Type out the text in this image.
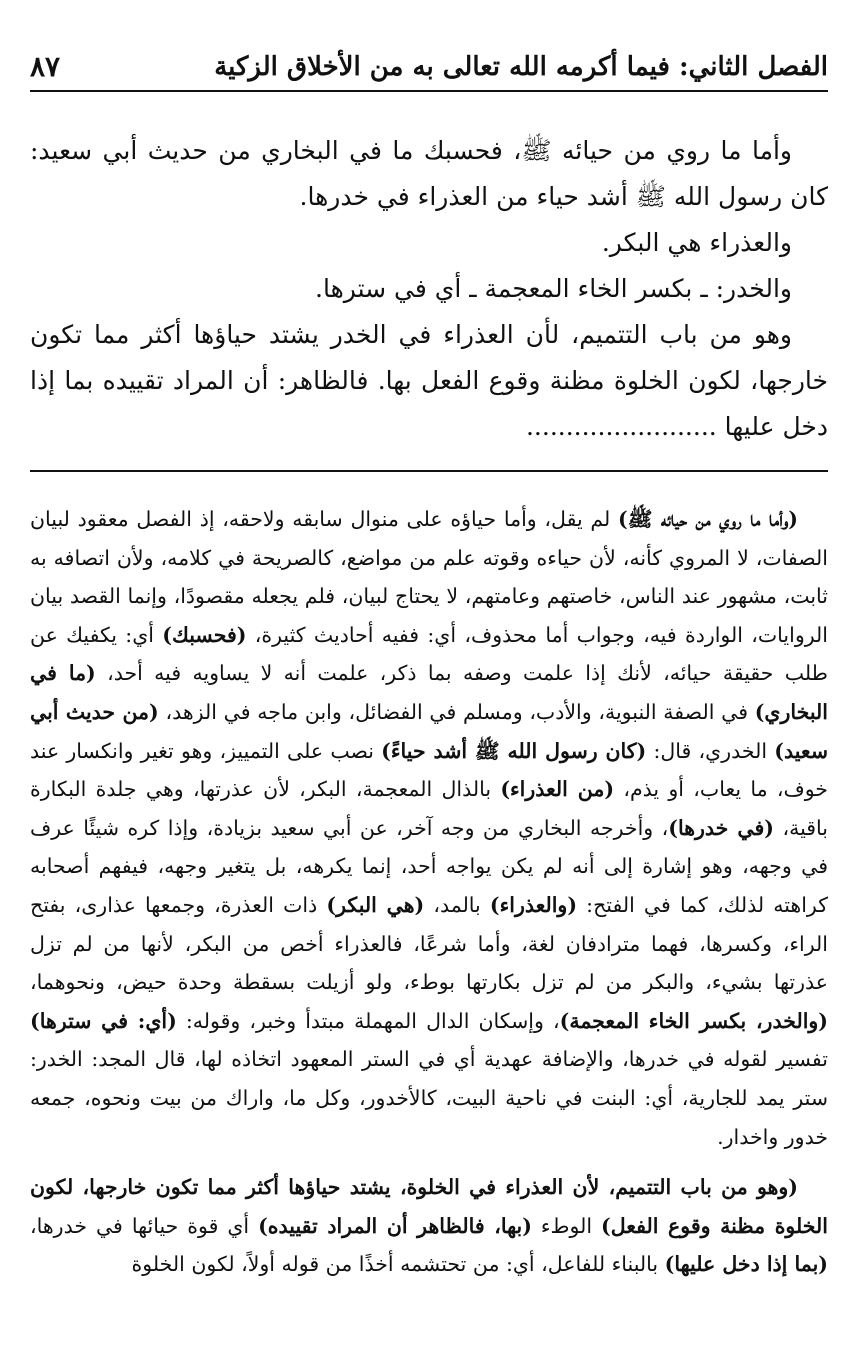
الفصل الثاني: فيما أكرمه الله تعالى به من الأخلاق الزكية
٨٧

وأما ما روي من حيائه ﷺ، فحسبك ما في البخاري من حديث أبي سعيد: كان رسول الله ﷺ أشد حياء من العذراء في خدرها.

والعذراء هي البكر.

والخدر: ـ بكسر الخاء المعجمة ـ أي في سترها.

وهو من باب التتميم، لأن العذراء في الخدر يشتد حياؤها أكثر مما تكون خارجها، لكون الخلوة مظنة وقوع الفعل بها. فالظاهر: أن المراد تقييده بما إذا دخل عليها ........................

(وأما ما روي من حيائه ﷺ) لم يقل، وأما حياؤه على منوال سابقه ولاحقه، إذ الفصل معقود لبيان الصفات، لا المروي كأنه، لأن حياءه وقوته علم من مواضع، كالصريحة في كلامه، ولأن اتصافه به ثابت، مشهور عند الناس، خاصتهم وعامتهم، لا يحتاج لبيان، فلم يجعله مقصودًا، وإنما القصد بيان الروايات، الواردة فيه، وجواب أما محذوف، أي: ففيه أحاديث كثيرة، (فحسبك) أي: يكفيك عن طلب حقيقة حيائه، لأنك إذا علمت وصفه بما ذكر، علمت أنه لا يساويه فيه أحد، (ما في البخاري) في الصفة النبوية، والأدب، ومسلم في الفضائل، وابن ماجه في الزهد، (من حديث أبي سعيد) الخدري، قال: (كان رسول الله ﷺ أشد حياءً) نصب على التمييز، وهو تغير وانكسار عند خوف، ما يعاب، أو يذم، (من العذراء) بالذال المعجمة، البكر، لأن عذرتها، وهي جلدة البكارة باقية، (في خدرها)، وأخرجه البخاري من وجه آخر، عن أبي سعيد بزيادة، وإذا كره شيئًا عرف في وجهه، وهو إشارة إلى أنه لم يكن يواجه أحد، إنما يكرهه، بل يتغير وجهه، فيفهم أصحابه كراهته لذلك، كما في الفتح: (والعذراء) بالمد، (هي البكر) ذات العذرة، وجمعها عذارى، بفتح الراء، وكسرها، فهما مترادفان لغة، وأما شرعًا، فالعذراء أخص من البكر، لأنها من لم تزل عذرتها بشيء، والبكر من لم تزل بكارتها بوطء، ولو أزيلت بسقطة وحدة حيض، ونحوهما، (والخدر، بكسر الخاء المعجمة)، وإسكان الدال المهملة مبتدأ وخبر، وقوله: (أي: في سترها) تفسير لقوله في خدرها، والإضافة عهدية أي في الستر المعهود اتخاذه لها، قال المجد: الخدر: ستر يمد للجارية، أي: البنت في ناحية البيت، كالأخدور، وكل ما، واراك من بيت ونحوه، جمعه خدور واخدار.

(وهو من باب التتميم، لأن العذراء في الخلوة، يشتد حياؤها أكثر مما تكون خارجها، لكون الخلوة مظنة وقوع الفعل) الوطء (بها، فالظاهر أن المراد تقييده) أي قوة حيائها في خدرها، (بما إذا دخل عليها) بالبناء للفاعل، أي: من تحتشمه أخذًا من قوله أولاً، لكون الخلوة
